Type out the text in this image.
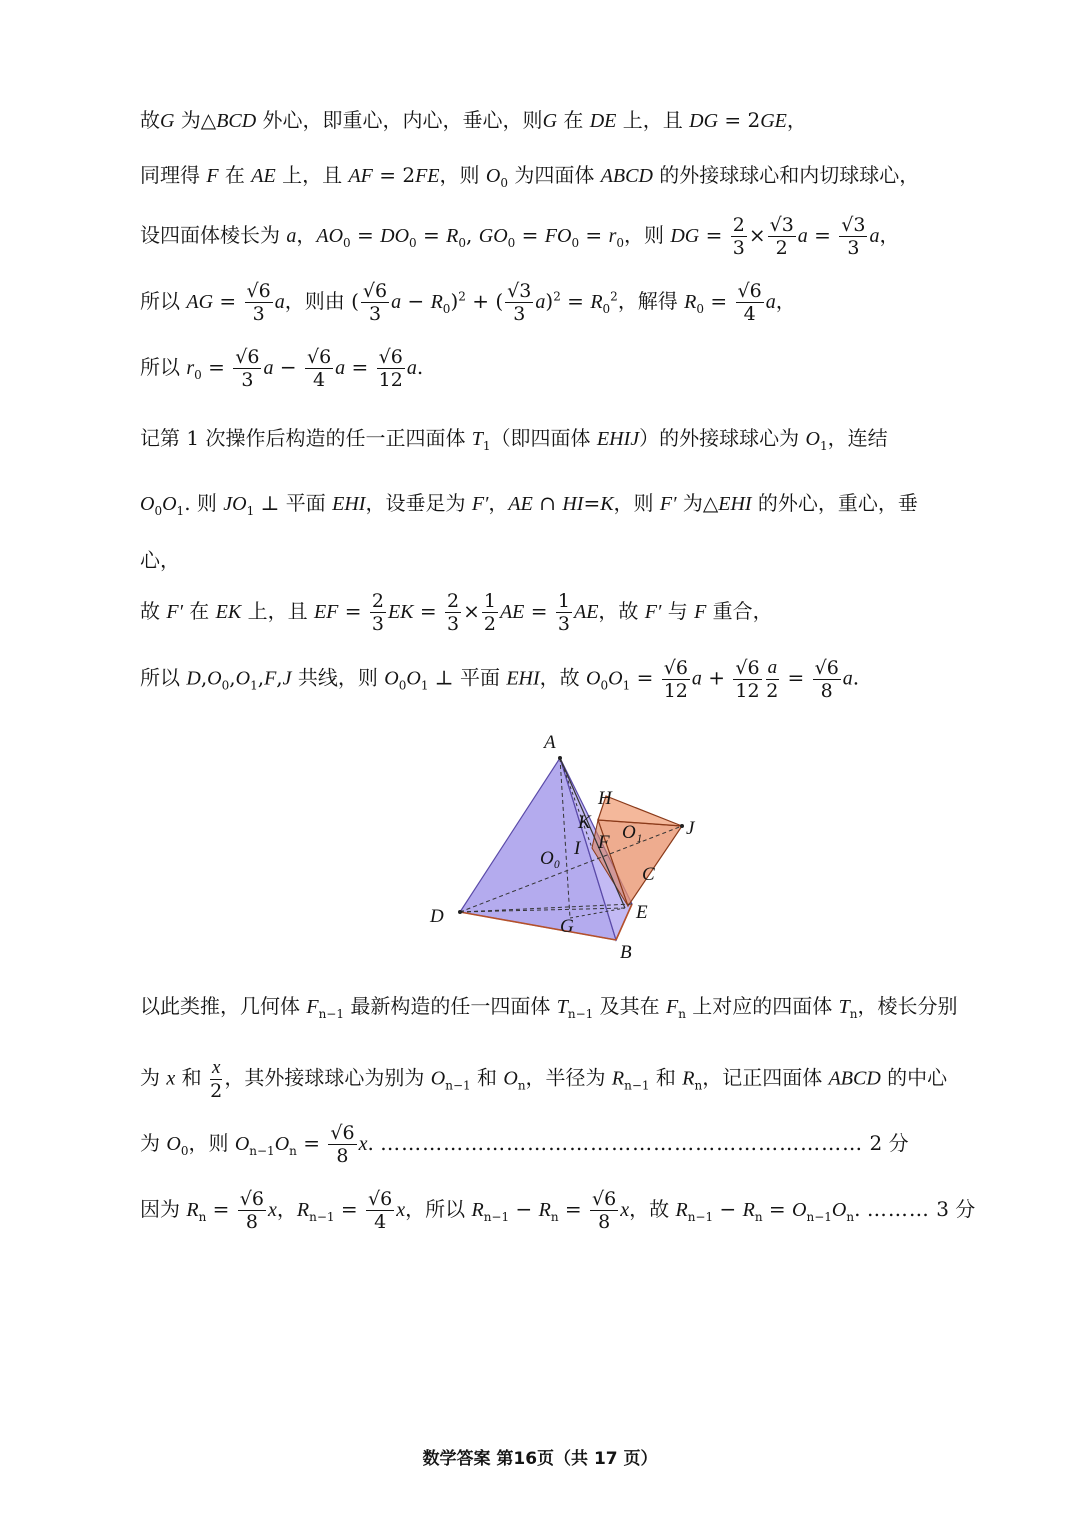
故G 为△BCD 外心，即重心，内心，垂心，则G 在 DE 上，且 DG = 2GE，
同理得 F 在 AE 上，且 AF = 2FE，则 $O_0$ 为四面体 ABCD 的外接球球心和内切球球心，
设四面体棱长为 a，$AO_0 = DO_0 = R_0$, $GO_0 = FO_0 = r_0$，则 DG = $\frac{2}{3} \times \frac{√3}{2}$ $a = \frac{√3}{3}$ a，
所以 AG = $\frac{√6}{3}$ a，则由 ( $\frac{√6}{3}$ $a - R_0)^2$ + ( $\frac{√3}{3} a)^2 = R_0^2$，解得 $R_0 = \frac{√6}{4}$ a，
所以 $r_0 = \frac{√6}{3}$ $a - \frac{√6}{4}$ $a = \frac{√6}{12} a$.
记第 1 次操作后构造的任一正四面体 $T_1$（即四面体 EHIJ）的外接球球心为 $O_1$，连结
$O_0O_1$. 则 $JO_1$ ⊥ 平面 EHI，设垂足为 F′，AE ∩ HI=K，则 F′ 为△EHI 的外心，重心，垂
心，
故 F′ 在 EK 上，且 EF = $\frac{2}{3}$ EK = $\frac{2}{3} \times \frac{1}{2}$ AE = $\frac{1}{3}$ AE，故 F′ 与 F 重合，
所以 $D,O_0,O_1,F,J$ 共线，则 $O_0O_1$ ⊥ 平面 EHI，故 $O_0O_1 = \frac{√6}{12}$ $a + \frac{√6}{12} \frac{a}{2} = \frac{√6}{8} a$.
A
H
K O₁ J
O₀ I F
C
D	E
G
B
以此类推，几何体 $F_{n-1}$ 最新构造的任一四面体 $T_{n-1}$ 及其在 $F_n$ 上对应的四面体 $T_n$，棱长分别
为 x 和 $\frac{x}{2}$ ，其外接球球心为别为 $O_{n-1}$ 和 $O_n$，半径为 $R_{n-1}$ 和 $R_n$，记正四面体 ABCD 的中心
为 $O_0$，则 $O_{n-1}O_n = \frac{√6}{8} x$. …………………………………………………………… 2 分
因为 $R_n = \frac{√6}{8}$ x，$R_{n-1} = \frac{√6}{4}$ x，所以 $R_{n-1} - R_n = \frac{√6}{8}$ x，故 $R_{n-1} - R_n = O_{n-1}O_n$. ……… 3 分
数学答案 第16页（共 17 页）
